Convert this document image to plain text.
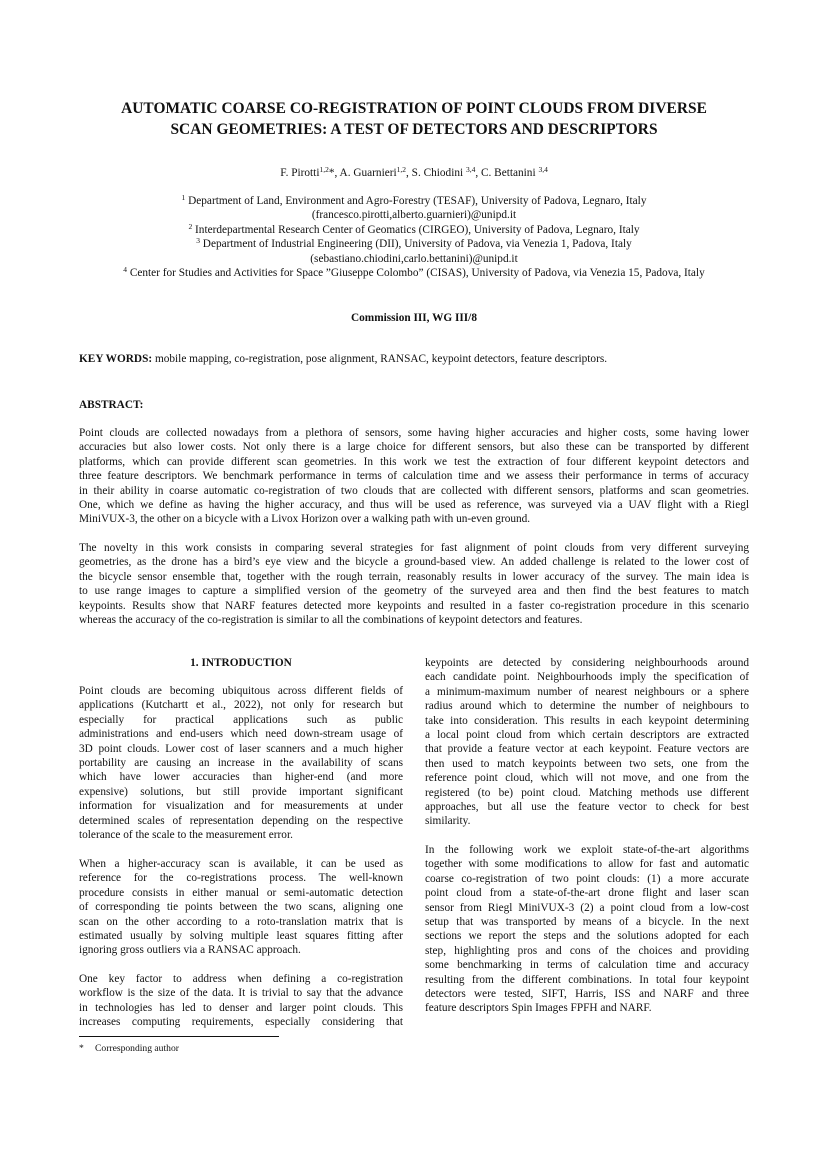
AUTOMATIC COARSE CO-REGISTRATION OF POINT CLOUDS FROM DIVERSE
SCAN GEOMETRIES: A TEST OF DETECTORS AND DESCRIPTORS
F. Pirotti$^{1,2}$*, A. Guarnieri$^{1,2}$, S. Chiodini $^{3,4}$, C. Bettanini $^{3,4}$
$^1$ Department of Land, Environment and Agro-Forestry (TESAF), University of Padova, Legnaro, Italy
(francesco.pirotti,alberto.guarnieri)@unipd.it
$^2$ Interdepartmental Research Center of Geomatics (CIRGEO), University of Padova, Legnaro, Italy
$^3$ Department of Industrial Engineering (DII), University of Padova, via Venezia 1, Padova, Italy
(sebastiano.chiodini,carlo.bettanini)@unipd.it
$^4$ Center for Studies and Activities for Space ”Giuseppe Colombo” (CISAS), University of Padova, via Venezia 15, Padova, Italy
Commission III, WG III/8
KEY WORDS: mobile mapping, co-registration, pose alignment, RANSAC, keypoint detectors, feature descriptors.
ABSTRACT:
Point clouds are collected nowadays from a plethora of sensors, some having higher accuracies and higher costs, some having lower
accuracies but also lower costs. Not only there is a large choice for different sensors, but also these can be transported by different
platforms, which can provide different scan geometries. In this work we test the extraction of four different keypoint detectors and
three feature descriptors. We benchmark performance in terms of calculation time and we assess their performance in terms of accuracy
in their ability in coarse automatic co-registration of two clouds that are collected with different sensors, platforms and scan geometries.
One, which we define as having the higher accuracy, and thus will be used as reference, was surveyed via a UAV flight with a Riegl
MiniVUX-3, the other on a bicycle with a Livox Horizon over a walking path with un-even ground.
The novelty in this work consists in comparing several strategies for fast alignment of point clouds from very different surveying
geometries, as the drone has a bird’s eye view and the bicycle a ground-based view. An added challenge is related to the lower cost of
the bicycle sensor ensemble that, together with the rough terrain, reasonably results in lower accuracy of the survey. The main idea is
to use range images to capture a simplified version of the geometry of the surveyed area and then find the best features to match
keypoints. Results show that NARF features detected more keypoints and resulted in a faster co-registration procedure in this scenario
whereas the accuracy of the co-registration is similar to all the combinations of keypoint detectors and features.
1. INTRODUCTION
Point clouds are becoming ubiquitous across different fields of
applications (Kutchartt et al., 2022), not only for research but
especially for practical applications such as public
administrations and end-users which need down-stream usage of
3D point clouds. Lower cost of laser scanners and a much higher
portability are causing an increase in the availability of scans
which have lower accuracies than higher-end (and more
expensive) solutions, but still provide important significant
information for visualization and for measurements at under
determined scales of representation depending on the respective
tolerance of the scale to the measurement error.
When a higher-accuracy scan is available, it can be used as
reference for the co-registrations process. The well-known
procedure consists in either manual or semi-automatic detection
of corresponding tie points between the two scans, aligning one
scan on the other according to a roto-translation matrix that is
estimated usually by solving multiple least squares fitting after
ignoring gross outliers via a RANSAC approach.
One key factor to address when defining a co-registration
workflow is the size of the data. It is trivial to say that the advance
in technologies has led to denser and larger point clouds. This
increases computing requirements, especially considering that
keypoints are detected by considering neighbourhoods around
each candidate point. Neighbourhoods imply the specification of
a minimum-maximum number of nearest neighbours or a sphere
radius around which to determine the number of neighbours to
take into consideration. This results in each keypoint determining
a local point cloud from which certain descriptors are extracted
that provide a feature vector at each keypoint. Feature vectors are
then used to match keypoints between two sets, one from the
reference point cloud, which will not move, and one from the
registered (to be) point cloud. Matching methods use different
approaches, but all use the feature vector to check for best
similarity.
In the following work we exploit state-of-the-art algorithms
together with some modifications to allow for fast and automatic
coarse co-registration of two point clouds: (1) a more accurate
point cloud from a state-of-the-art drone flight and laser scan
sensor from Riegl MiniVUX-3 (2) a point cloud from a low-cost
setup that was transported by means of a bicycle. In the next
sections we report the steps and the solutions adopted for each
step, highlighting pros and cons of the choices and providing
some benchmarking in terms of calculation time and accuracy
resulting from the different combinations. In total four keypoint
detectors were tested, SIFT, Harris, ISS and NARF and three
feature descriptors Spin Images FPFH and NARF.
* Corresponding author
